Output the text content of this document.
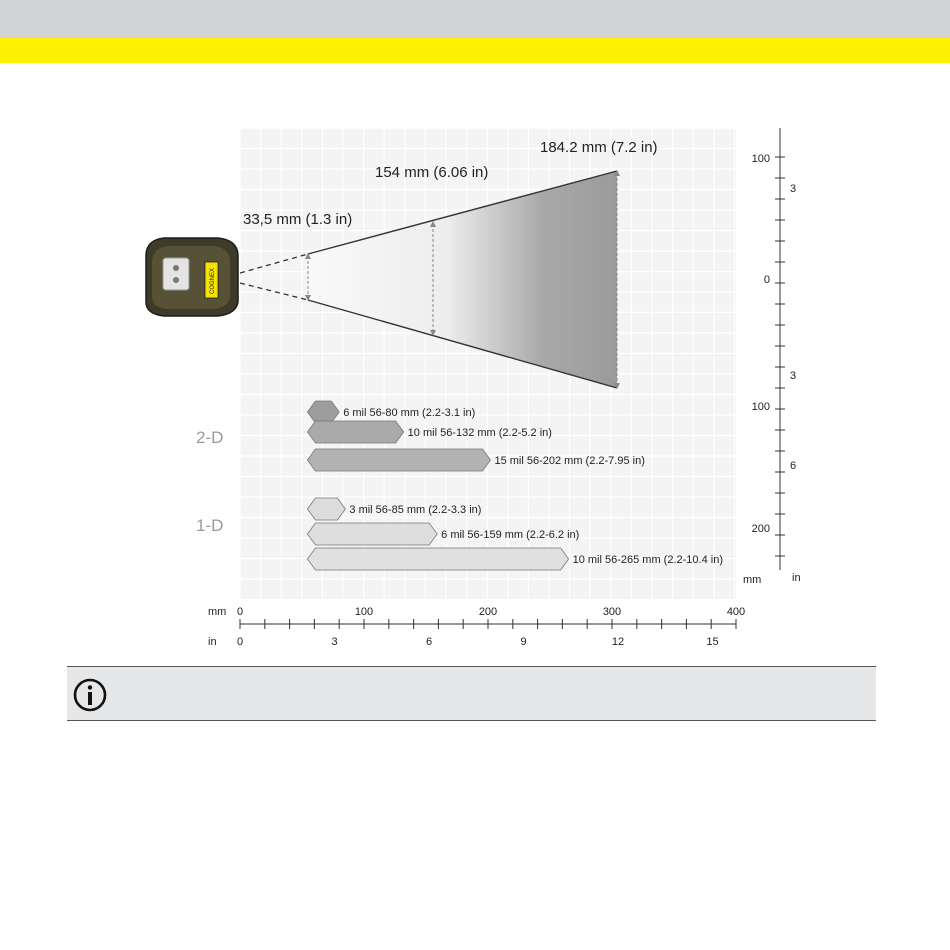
33,5 mm (1.3 in)
154 mm (6.06 in)
184.2 mm (7.2 in)
COGNEX
2-D
1-D
6 mil 56-80 mm (2.2-3.1 in)
10 mil 56-132 mm (2.2-5.2 in)
15 mil 56-202 mm (2.2-7.95 in)
3 mil 56-85 mm (2.2-3.3 in)
6 mil 56-159 mm (2.2-6.2 in)
10 mil 56-265 mm (2.2-10.4 in)
mm
in
0	100	200	300	400
0	3	6	9	12	15
mm	in
100
0
100
200
3
3
6
